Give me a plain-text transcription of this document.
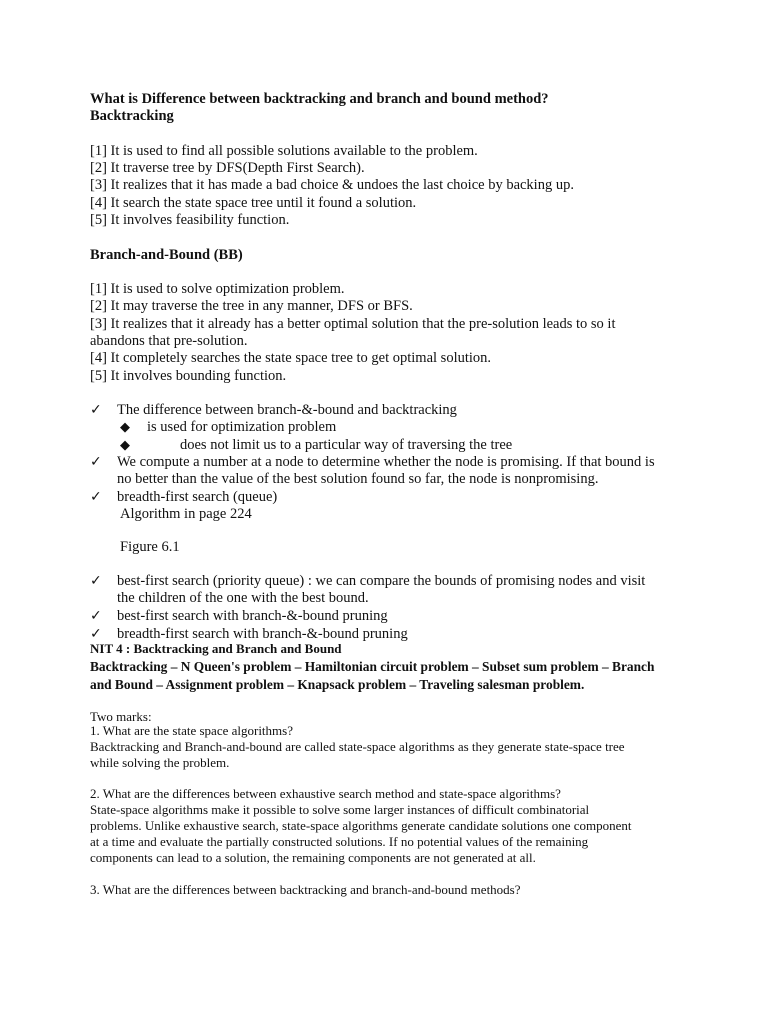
What is Difference between backtracking and branch and bound method?

Backtracking

[1] It is used to find all possible solutions available to the problem.

[2] It traverse tree by DFS(Depth First Search).

[3] It realizes that it has made a bad choice & undoes the last choice by backing up.

[4] It search the state space tree until it found a solution.

[5] It involves feasibility function.

Branch-and-Bound (BB)

[1] It is used to solve optimization problem.

[2] It may traverse the tree in any manner, DFS or BFS.

[3] It realizes that it already has a better optimal solution that the pre-solution leads to so it

abandons that pre-solution.

[4] It completely searches the state space tree to get optimal solution.

[5] It involves bounding function.

✓ The difference between branch-&-bound and backtracking

◆ is used for optimization problem

◆	does not limit us to a particular way of traversing the tree

✓ We compute a number at a node to determine whether the node is promising. If that bound is

no better than the value of the best solution found so far, the node is nonpromising.

✓ breadth-first search (queue)

Algorithm in page 224

Figure 6.1

✓ best-first search (priority queue) : we can compare the bounds of promising nodes and visit

the children of the one with the best bound.

✓ best-first search with branch-&-bound pruning

✓ breadth-first search with branch-&-bound pruning

NIT 4 : Backtracking and Branch and Bound

Backtracking – N Queen's problem – Hamiltonian circuit problem – Subset sum problem – Branch

and Bound – Assignment problem – Knapsack problem – Traveling salesman problem.

Two marks:

1. What are the state space algorithms?

Backtracking and Branch-and-bound are called state-space algorithms as they generate state-space tree

while solving the problem.

2. What are the differences between exhaustive search method and state-space algorithms?

State-space algorithms make it possible to solve some larger instances of difficult combinatorial

problems. Unlike exhaustive search, state-space algorithms generate candidate solutions one component

at a time and evaluate the partially constructed solutions. If no potential values of the remaining

components can lead to a solution, the remaining components are not generated at all.

3. What are the differences between backtracking and branch-and-bound methods?
